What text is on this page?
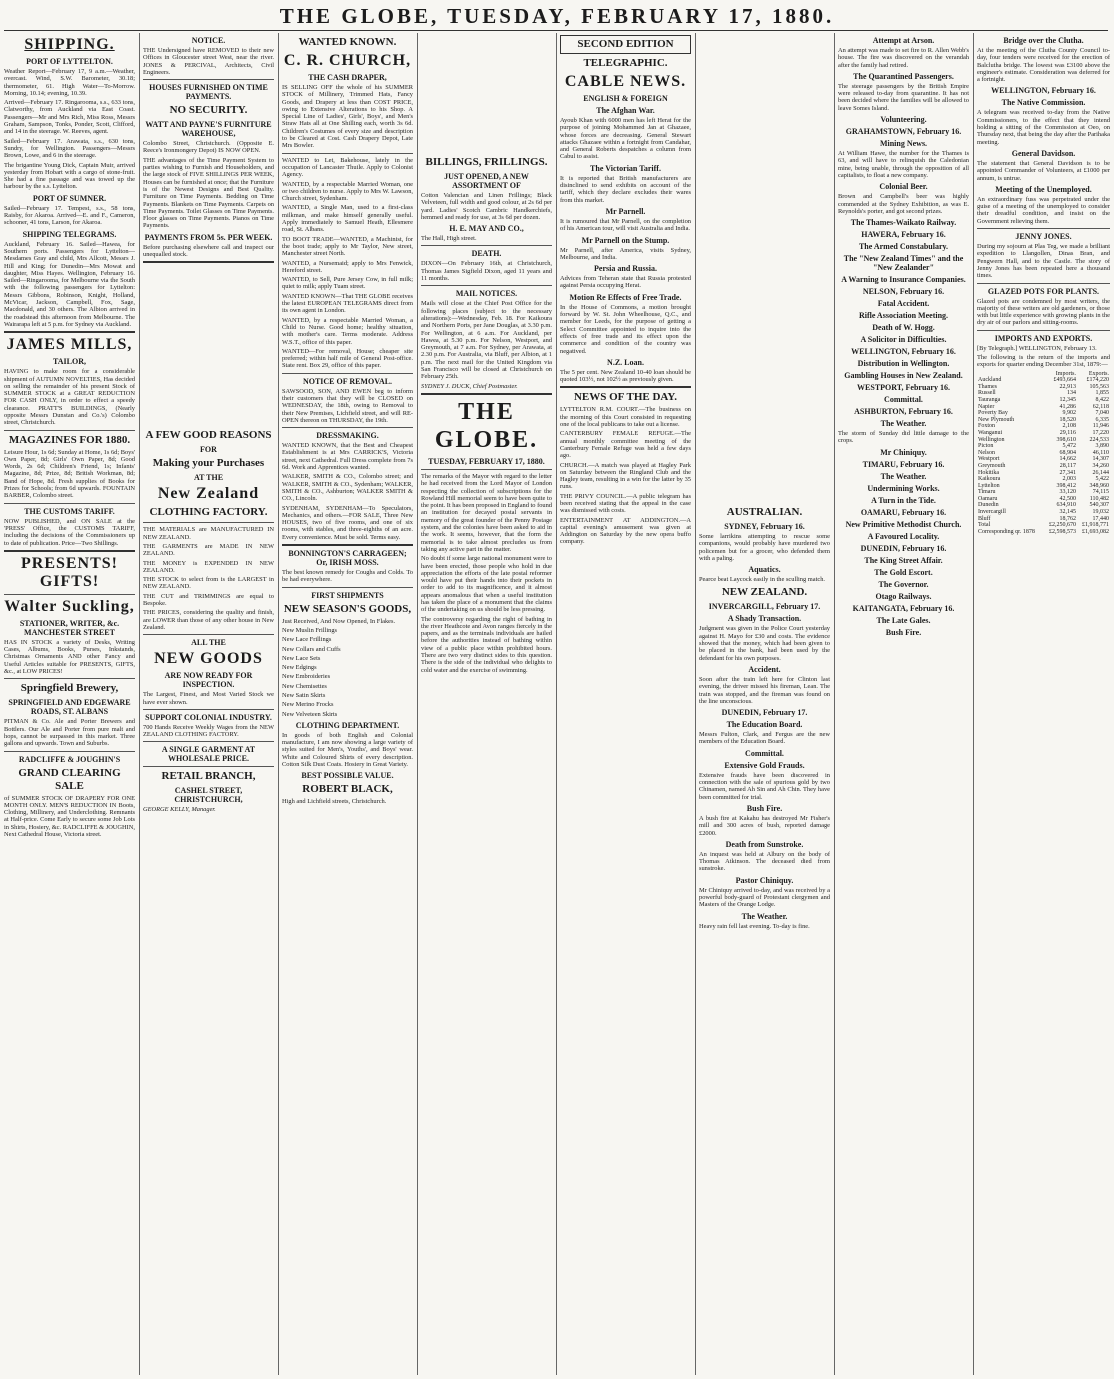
THE GLOBE, TUESDAY, FEBRUARY 17, 1880.
SHIPPING.
PORT OF LYTTELTON.

Weather Report—February 17, 9 a.m.—Weather, overcast. Wind, S.W. Barometer, 30.18; thermometer, 61. High Water—To-Morrow. Morning, 10.14; evening, 10.39.

Arrived—February 17. Ringarooma, s.s., 633 tons, Clatworthy, from Auckland via East Coast. Passengers—Mr and Mrs Rich, Miss Ross, Messrs Graham, Sampson, Tonks, Ponder, Scott, Clifford, and 14 in the steerage. W. Reeves, agent.

Sailed—February 17. Arawata, s.s., 630 tons, Sundry, for Wellington. Passengers—Messrs Brown, Lowe, and 6 in the steerage.

The brigantine Young Dick, Captain Muir, arrived yesterday from Hobart with a cargo of stone-fruit. She had a fine passage and was towed up the harbour by the s.s. Lyttelton.

PORT OF SUMNER.

Sailed—February 17. Tempest, s.s., 58 tons, Raisby, for Akaroa. Arrived—E. and F., Cameron, schooner, 41 tons, Larson, for Akaroa.

SHIPPING TELEGRAMS.

Auckland, February 16. Sailed—Hawea, for Southern ports. Passengers for Lyttelton—Mesdames Gray and child, Mrs Allcott, Messrs J. Hill and King; for Dunedin—Mrs Mowat and daughter, Miss Hayes. Wellington, February 16. Sailed—Ringarooma, for Melbourne via the South with the following passengers for Lyttelton: Messrs Gibbons, Robinson, Knight, Holland, McVicar, Jackson, Campbell, Fox, Sage, Macdonald, and 30 others. The Albion arrived in the roadstead this afternoon from Melbourne. The Wairarapa left at 5 p.m. for Sydney via Auckland.

JAMES MILLS,
TAILOR,

HAVING to make room for a considerable shipment of AUTUMN NOVELTIES, Has decided on selling the remainder of his present Stock of SUMMER STOCK at a GREAT REDUCTION FOR CASH ONLY, in order to effect a speedy clearance. PRATT'S BUILDINGS, (Nearly opposite Messrs Dunstan and Co.'s) Colombo street, Christchurch.

MAGAZINES FOR 1880.

Leisure Hour, 1s 6d; Sunday at Home, 1s 6d; Boys' Own Paper, 8d; Girls' Own Paper, 8d; Good Words, 2s 6d; Children's Friend, 1s; Infants' Magazine, 8d; Prize, 8d; British Workman, 8d; Band of Hope, 8d. Fresh supplies of Books for Prizes for Schools; from 6d upwards. FOUNTAIN BARBER, Colombo street.

THE CUSTOMS TARIFF.

NOW PUBLISHED, and ON SALE at the 'PRESS' Office, the CUSTOMS TARIFF, including the decisions of the Commissioners up to date of publication. Price—Two Shillings.

PRESENTS! GIFTS!
Walter Suckling,
STATIONER, WRITER, &c. MANCHESTER STREET

HAS IN STOCK a variety of Desks, Writing Cases, Albums, Books, Purses, Inkstands, Christmas Ornaments AND other Fancy and Useful Articles suitable for PRESENTS, GIFTS, &c., at LOW PRICES!

Springfield Brewery,
SPRINGFIELD AND EDGEWARE ROADS, ST. ALBANS

PITMAN & Co. Ale and Porter Brewers and Bottlers. Our Ale and Porter from pure malt and hops, cannot be surpassed in this market. Three gallons and upwards. Town and Suburbs.

RADCLIFFE & JOUGHIN'S
GRAND CLEARING SALE

of SUMMER STOCK OF DRAPERY FOR ONE MONTH ONLY. MEN'S REDUCTION IN Boots, Clothing, Millinery, and Underclothing. Remnants at Half-price. Come Early to secure some Job Lots in Shirts, Hosiery, &c. RADCLIFFE & JOUGHIN, Next Cathedral House, Victoria street.

NOTICE.

THE Undersigned have REMOVED to their new Offices in Gloucester street West, near the river. JONES & PERCIVAL, Architects, Civil Engineers.

HOUSES FURNISHED ON TIME PAYMENTS.
NO SECURITY.
WATT AND PAYNE'S FURNITURE WAREHOUSE,

Colombo Street, Christchurch. (Opposite E. Reece's Ironmongery Depot) IS NOW OPEN.

THE advantages of the Time Payment System to parties wishing to Furnish and Householders, and the large stock of FIVE SHILLINGS PER WEEK, Houses can be furnished at once; that the Furniture is of the Newest Designs and Best Quality. Furniture on Time Payments. Bedding on Time Payments. Blankets on Time Payments. Carpets on Time Payments. Toilet Glasses on Time Payments. Floor glasses on Time Payments. Pianos on Time Payments.

PAYMENTS FROM 5s. PER WEEK.

Before purchasing elsewhere call and inspect our unequalled stock.

A FEW GOOD REASONS
FOR
Making your Purchases
AT THE
New Zealand
CLOTHING FACTORY.

THE MATERIALS are MANUFACTURED IN NEW ZEALAND.

THE GARMENTS are MADE IN NEW ZEALAND.

THE MONEY is EXPENDED IN NEW ZEALAND.

THE STOCK to select from is the LARGEST in NEW ZEALAND.

THE CUT and TRIMMINGS are equal to Bespoke.

THE PRICES, considering the quality and finish, are LOWER than those of any other house in New Zealand.

ALL THE
NEW GOODS
ARE NOW READY FOR INSPECTION.

The Largest, Finest, and Most Varied Stock we have ever shown.

SUPPORT COLONIAL INDUSTRY.

700 Hands Receive Weekly Wages from the NEW ZEALAND CLOTHING FACTORY.

A SINGLE GARMENT AT WHOLESALE PRICE.
RETAIL BRANCH,
CASHEL STREET, CHRISTCHURCH,

GEORGE KELLY, Manager.

WANTED KNOWN.
C. R. CHURCH,
THE CASH DRAPER,

IS SELLING OFF the whole of his SUMMER STOCK of Millinery, Trimmed Hats, Fancy Goods, and Drapery at less than COST PRICE, owing to Extensive Alterations to his Shop. A Special Line of Ladies', Girls', Boys', and Men's Straw Hats all at One Shilling each, worth 3s 6d. Children's Costumes of every size and description to be Cleared at Cost. Cash Drapery Depot, Late Mrs Bowler.

WANTED to Let, Bakehouse, lately in the occupation of Lancaster Thuile. Apply to Colonist Agency.

WANTED, by a respectable Married Woman, one or two children to nurse. Apply to Mrs W. Lawson, Church street, Sydenham.

WANTED, a Single Man, used to a first-class milkman, and make himself generally useful. Apply immediately to Samuel Heath, Ellesmere road, St. Albans.

TO BOOT TRADE—WANTED, a Machinist, for the boot trade; apply to Mr Taylor, New street, Manchester street North.

WANTED, a Nursemaid; apply to Mrs Fenwick, Hereford street.

WANTED, to Sell, Pure Jersey Cow, in full milk; quiet to milk; apply Tuam street.

WANTED KNOWN—That THE GLOBE receives the latest EUROPEAN TELEGRAMS direct from its own agent in London.

WANTED, by a respectable Married Woman, a Child to Nurse. Good home; healthy situation, with mother's care. Terms moderate. Address W.S.T., office of this paper.

WANTED—For removal, House; cheaper site preferred; within half mile of General Post-office. State rent. Box 29, office of this paper.

NOTICE OF REMOVAL.

SAWSOOD, SON, AND EWEN beg to inform their customers that they will be CLOSED on WEDNESDAY, the 18th, owing to Removal to their New Premises, Lichfield street, and will RE-OPEN thereon on THURSDAY, the 19th.

DRESSMAKING.

WANTED KNOWN, that the Best and Cheapest Establishment is at Mrs CARRICK'S, Victoria street, next Cathedral. Full Dress complete from 7s 6d. Work and Apprentices wanted.

WALKER, SMITH & CO., Colombo street; and WALKER, SMITH & CO., Sydenham; WALKER, SMITH & CO., Ashburton; WALKER SMITH & CO., Lincoln.

SYDENHAM, SYDENHAM—To Speculators, Mechanics, and others.—FOR SALE, Three New HOUSES, two of five rooms, and one of six rooms, with stables, and three-eighths of an acre. Every convenience. Must be sold. Terms easy.

BONNINGTON'S CARRAGEEN; Or, IRISH MOSS.

The best known remedy for Coughs and Colds. To be had everywhere.

FIRST SHIPMENTS
NEW SEASON'S GOODS,

Just Received, And Now Opened, In Flakes.

New Muslin Frillings

New Lace Frillings

New Collars and Cuffs

New Lace Sets

New Edgings

New Embroideries

New Chemisettes

New Satin Skirts

New Merino Frocks

New Velveteen Skirts

CLOTHING DEPARTMENT.

In goods of both English and Colonial manufacture, I am now showing a large variety of styles suited for Men's, Youths', and Boys' wear. White and Coloured Shirts of every description. Cotton Silk Dust Coats. Hosiery in Great Variety.

BEST POSSIBLE VALUE.
ROBERT BLACK,

High and Lichfield streets, Christchurch.

BILLINGS, FRILLINGS.
JUST OPENED, A NEW ASSORTMENT OF

Cotton Valencian and Linen Frillings; Black Velveteen, full width and good colour, at 2s 6d per yard. Ladies' Scotch Cambric Handkerchiefs, hemmed and ready for use, at 3s 6d per dozen.

H. E. MAY AND CO.,

The Hall, High street.

DEATH.

DIXON—On February 16th, at Christchurch, Thomas James Sigfield Dixon, aged 11 years and 11 months.

MAIL NOTICES.

Mails will close at the Chief Post Office for the following places (subject to the necessary alterations):—Wednesday, Feb. 18. For Kaikoura and Northern Ports, per Jane Douglas, at 3.30 p.m. For Wellington, at 6 a.m. For Auckland, per Hawea, at 5.30 p.m. For Nelson, Westport, and Greymouth, at 7 a.m. For Sydney, per Arawata, at 2.30 p.m. For Australia, via Bluff, per Albion, at 1 p.m. The next mail for the United Kingdom via San Francisco will be closed at Christchurch on February 25th.

SYDNEY J. DUCK, Chief Postmaster.

THE GLOBE.
TUESDAY, FEBRUARY 17, 1880.

The remarks of the Mayor with regard to the letter he had received from the Lord Mayor of London respecting the collection of subscriptions for the Rowland Hill memorial seem to have been quite to the point. It has been proposed in England to found an institution for decayed postal servants in memory of the great founder of the Penny Postage system, and the colonies have been asked to aid in the work. It seems, however, that the form the memorial is to take almost precludes us from taking any active part in the matter.

No doubt if some large national monument were to have been erected, those people who hold in due appreciation the efforts of the late postal reformer would have put their hands into their pockets in order to add to its magnificence, and it almost appears anomalous that when a useful institution has taken the place of a monument that the claims of the undertaking on us should be less pressing.

The controversy regarding the right of bathing in the river Heathcote and Avon ranges fiercely in the papers, and as the terminals individuals are hailed before the authorities instead of bathing within view of a public place within prohibited hours. There are two very distinct sides to this question. There is the side of the individual who delights to cold water and the exercise of swimming.

SECOND EDITION
TELEGRAPHIC.
CABLE NEWS.
ENGLISH & FOREIGN
The Afghan War.

Ayoub Khan with 6000 men has left Herat for the purpose of joining Mohammed Jan at Ghazaee, whose forces are decreasing. General Stewart attacks Ghazaee within a fortnight from Candahar, and General Roberts despatches a column from Cabul to assist.

The Victorian Tariff.

It is reported that British manufacturers are disinclined to send exhibits on account of the tariff, which they declare excludes their wares from this market.

Mr Parnell.

It is rumoured that Mr Parnell, on the completion of his American tour, will visit Australia and India.

Mr Parnell on the Stump.

Mr Parnell, after America, visits Sydney, Melbourne, and India.

Persia and Russia.

Advices from Teheran state that Russia protested against Persia occupying Herat.

Motion Re Effects of Free Trade.

In the House of Commons, a motion brought forward by W. St. John Wheelhouse, Q.C., and member for Leeds, for the purpose of getting a Select Committee appointed to inquire into the effects of free trade and its effect upon the commerce and condition of the country was negatived.

N.Z. Loan.

The 5 per cent. New Zealand 10-40 loan should be quoted 103½, not 102½ as previously given.

NEWS OF THE DAY.

LYTTELTON R.M. COURT.—The business on the morning of this Court consisted in requesting one of the local publicans to take out a license.

CANTERBURY FEMALE REFUGE.—The annual monthly committee meeting of the Canterbury Female Refuge was held a few days ago.

CHURCH.—A match was played at Hagley Park on Saturday between the Ringland Club and the Hagley team, resulting in a win for the latter by 35 runs.

THE PRIVY COUNCIL.—A public telegram has been received stating that the appeal in the case was dismissed with costs.

ENTERTAINMENT AT ADDINGTON.—A capital evening's amusement was given at Addington on Saturday by the new opera buffo company.

AUSTRALIAN.
SYDNEY, February 16.

Some larrikins attempting to rescue some companions, would probably have murdered two policemen but for a grocer, who defended them with a paling.

Aquatics.

Pearce beat Laycock easily in the sculling match.

NEW ZEALAND.
INVERCARGILL, February 17.
A Shady Transaction.

Judgment was given in the Police Court yesterday against H. Mayo for £30 and costs. The evidence showed that the money, which had been given to be placed in the bank, had been used by the defendant for his own purposes.

Accident.

Soon after the train left here for Clinton last evening, the driver missed his fireman, Lean. The train was stopped, and the fireman was found on the line unconscious.

DUNEDIN, February 17.
The Education Board.

Messrs Fulton, Clark, and Fergus are the new members of the Education Board.

Committal.
Extensive Gold Frauds.

Extensive frauds have been discovered in connection with the sale of spurious gold by two Chinamen, named Ah Sin and Ah Chin. They have been committed for trial.

Bush Fire.

A bush fire at Kakahu has destroyed Mr Fisher's mill and 300 acres of bush, reported damage £2000.

Death from Sunstroke.

An inquest was held at Albury on the body of Thomas Atkinson. The deceased died from sunstroke.

Pastor Chiniquy.

Mr Chiniquy arrived to-day, and was received by a powerful body-guard of Protestant clergymen and Masters of the Orange Lodge.

The Weather.

Heavy rain fell last evening. To-day is fine.

Attempt at Arson.

An attempt was made to set fire to R. Allen Webb's house. The fire was discovered on the verandah after the family had retired.

The Quarantined Passengers.

The steerage passengers by the British Empire were released to-day from quarantine. It has not been decided where the families will be allowed to leave Somes Island.

Volunteering.
GRAHAMSTOWN, February 16.
Mining News.

At William Hawe, the number for the Thames is 63, and will have to relinquish the Caledonian mine, being unable, through the opposition of all capitalists, to float a new company.

Colonial Beer.

Brown and Campbell's beer was highly commended at the Sydney Exhibition, as was E. Reynolds's porter, and got second prizes.

The Thames-Waikato Railway.
HAWERA, February 16.
The Armed Constabulary.
The "New Zealand Times" and the "New Zealander"
A Warning to Insurance Companies.
NELSON, February 16.
Fatal Accident.
Rifle Association Meeting.
Death of W. Hogg.
A Solicitor in Difficulties.
WELLINGTON, February 16.
Distribution in Wellington.
Gambling Houses in New Zealand.
WESTPORT, February 16.
Committal.
ASHBURTON, February 16.
The Weather.

The storm of Sunday did little damage to the crops.

Mr Chiniquy.
TIMARU, February 16.
The Weather.
Undermining Works.
A Turn in the Tide.
OAMARU, February 16.
New Primitive Methodist Church.
A Favoured Locality.
DUNEDIN, February 16.
The King Street Affair.
The Gold Escort.
The Governor.
Otago Railways.
KAITANGATA, February 16.
The Late Gales.
Bush Fire.
Bridge over the Clutha.

At the meeting of the Clutha County Council to-day, four tenders were received for the erection of Balclutha bridge. The lowest was £3100 above the engineer's estimate. Consideration was deferred for a fortnight.

WELLINGTON, February 16.
The Native Commission.

A telegram was received to-day from the Native Commissioners, to the effect that they intend holding a sitting of the Commission at Oeo, on Thursday next, that being the day after the Parihaka meeting.

General Davidson.

The statement that General Davidson is to be appointed Commander of Volunteers, at £1000 per annum, is untrue.

Meeting of the Unemployed.

An extraordinary fuss was perpetrated under the guise of a meeting of the unemployed to consider their dreadful condition, and insist on the Government relieving them.

JENNY JONES.

During my sojourn at Plas Teg, we made a brilliant expedition to Llangollen, Dinas Bran, and Pengwern Hall, and to the Castle. The story of Jenny Jones has been repeated here a thousand times.

GLAZED POTS FOR PLANTS.

Glazed pots are condemned by most writers, the majority of these writers are old gardeners, or those with but little experience with growing plants in the dry air of our parlors and sitting-rooms.

IMPORTS AND EXPORTS.

[By Telegraph.] WELLINGTON, February 13.

The following is the return of the imports and exports for quarter ending December 31st, 1879:—

	Imports.	Exports.
Auckland	£493,664	£174,220
Thames	22,913	105,563
Russell	134	1,855
Tauranga	12,345	8,422
Napier	41,286	62,118
Poverty Bay	9,902	7,040
New Plymouth	18,520	6,335
Foxton	2,108	11,946
Wanganui	29,116	17,220
Wellington	398,610	224,533
Picton	5,472	3,890
Nelson	68,904	46,110
Westport	14,662	14,307
Greymouth	28,117	34,260
Hokitika	27,341	26,144
Kaikoura	2,003	5,422
Lyttelton	398,412	348,960
Timaru	33,120	74,115
Oamaru	42,500	110,482
Dunedin	634,910	540,307
Invercargill	32,145	19,032
Bluff	18,762	17,440
Total	£2,250,670	£1,918,771
Corresponding qr. 1878	£2,598,573	£1,693,082
